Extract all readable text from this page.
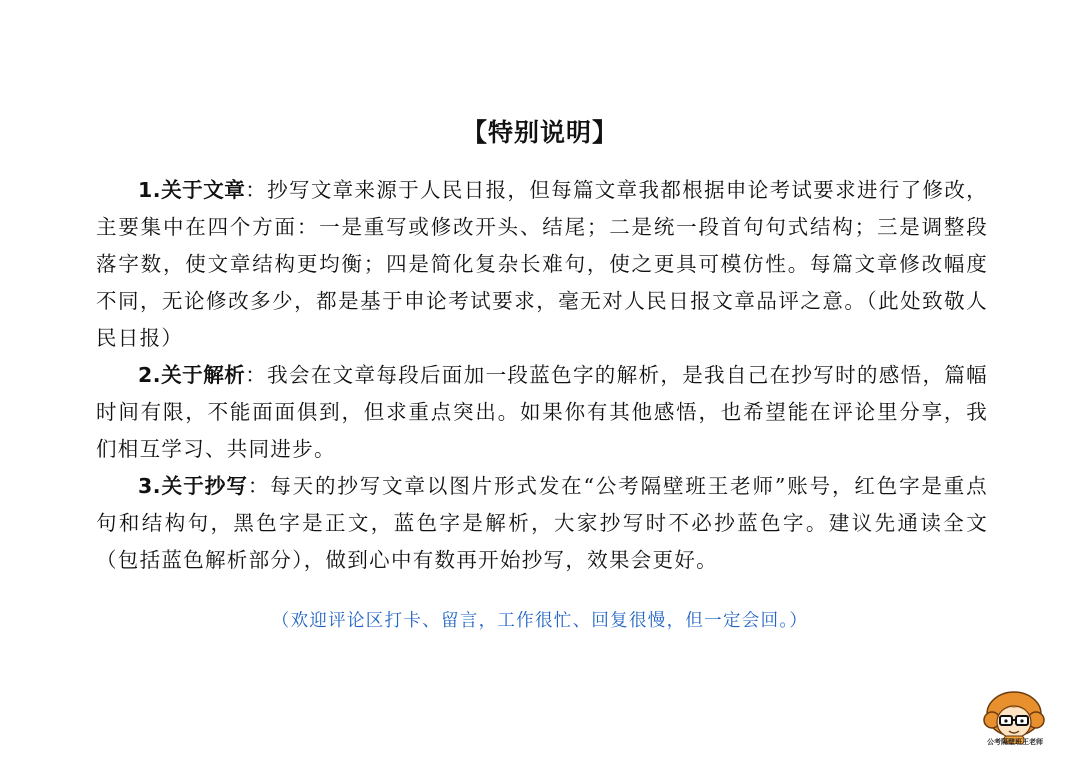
【特别说明】

1.关于文章：抄写文章来源于人民日报，但每篇文章我都根据申论考试要求进行了修改，主要集中在四个方面：一是重写或修改开头、结尾；二是统一段首句句式结构；三是调整段落字数，使文章结构更均衡；四是简化复杂长难句，使之更具可模仿性。每篇文章修改幅度不同，无论修改多少，都是基于申论考试要求，毫无对人民日报文章品评之意。（此处致敬人民日报）

2.关于解析：我会在文章每段后面加一段蓝色字的解析，是我自己在抄写时的感悟，篇幅时间有限，不能面面俱到，但求重点突出。如果你有其他感悟，也希望能在评论里分享，我们相互学习、共同进步。

3.关于抄写：每天的抄写文章以图片形式发在“公考隔壁班王老师”账号，红色字是重点句和结构句，黑色字是正文，蓝色字是解析，大家抄写时不必抄蓝色字。建议先通读全文（包括蓝色解析部分），做到心中有数再开始抄写，效果会更好。

（欢迎评论区打卡、留言，工作很忙、回复很慢，但一定会回。）
公考隔壁班王老师
